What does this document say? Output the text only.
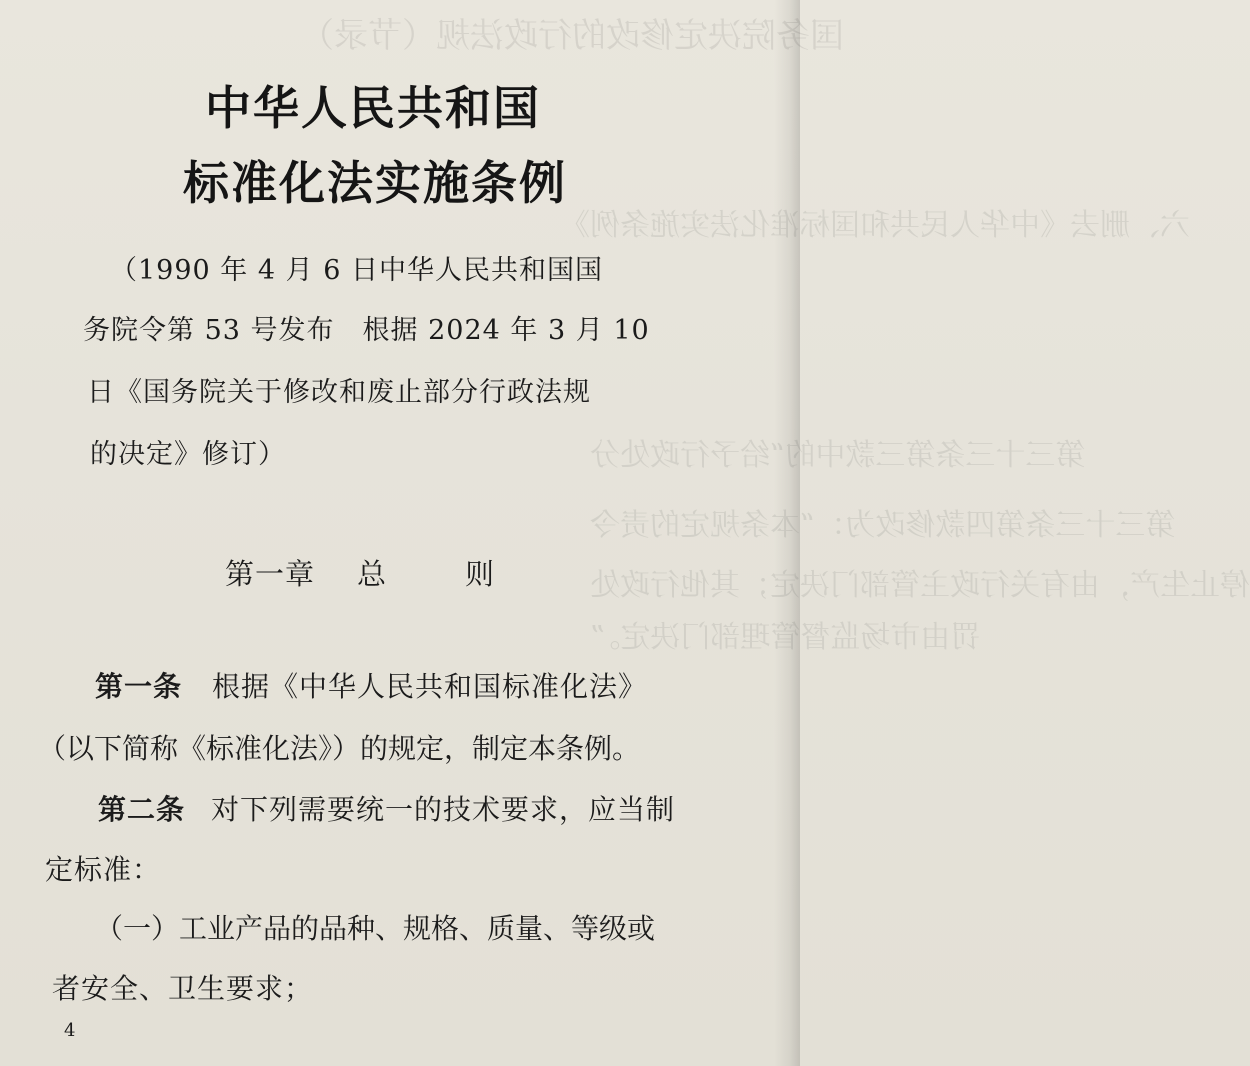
国务院决定修改的行政法规（节录）
六、删去《中华人民共和国标准化法实施条例》
第三十三条第三款中的“给予行政处分
第三十三条第四款修改为：“本条规定的责令
停止生产，由有关行政主管部门决定；其他行政处
中华人民共和国
标准化法实施条例
（1990 年 4 月 6 日中华人民共和国国
务院令第 53 号发布　根据 2024 年 3 月 10
日《国务院关于修改和废止部分行政法规
的决定》修订）
第一章 总	则
第一条 根据《中华人民共和国标准化法》
（以下简称《标准化法》）的规定，制定本条例。
第二条 对下列需要统一的技术要求，应当制
定标准：
（一）工业产品的品种、规格、质量、等级或
者安全、卫生要求；
4
